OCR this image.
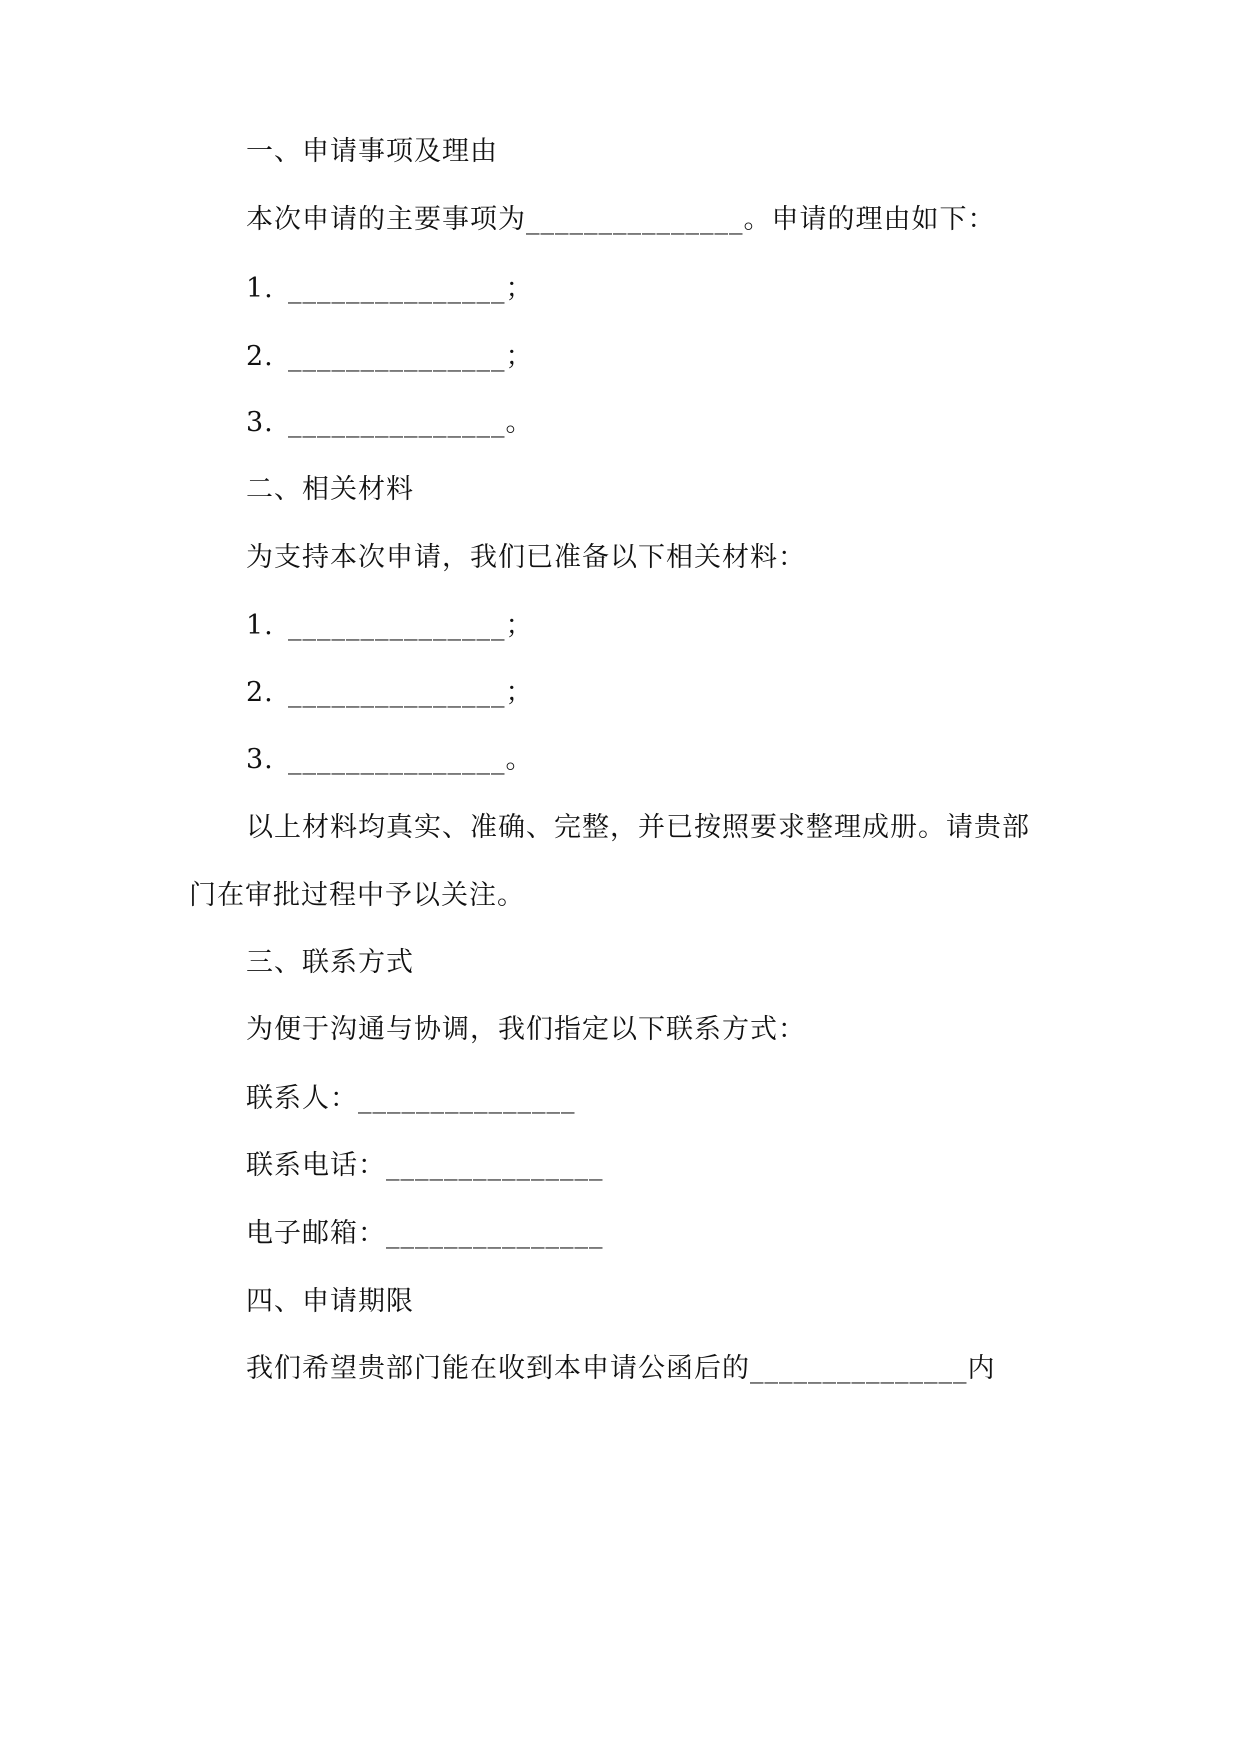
一、申请事项及理由
本次申请的主要事项为_______________。申请的理由如下：
1. _______________；
2. _______________；
3. _______________。
二、相关材料
为支持本次申请，我们已准备以下相关材料：
1. _______________；
2. _______________；
3. _______________。
以上材料均真实、准确、完整，并已按照要求整理成册。请贵部
门在审批过程中予以关注。
三、联系方式
为便于沟通与协调，我们指定以下联系方式：
联系人：_______________
联系电话：_______________
电子邮箱：_______________
四、申请期限
我们希望贵部门能在收到本申请公函后的_______________内
